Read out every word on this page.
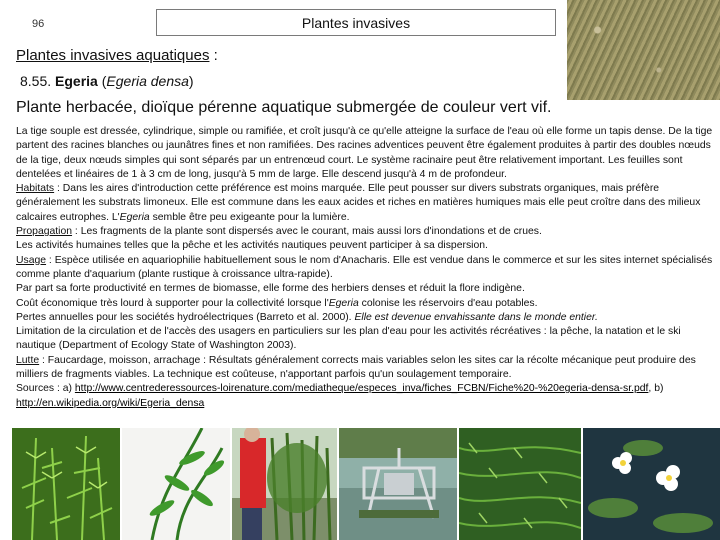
96	Plantes invasives
Plantes invasives aquatiques :
8.55. Egeria (Egeria densa)
Plante herbacée, dioïque pérenne aquatique submergée de couleur vert vif.

La tige souple est dressée, cylindrique, simple ou ramifiée, et croît jusqu'à ce qu'elle atteigne la surface de l'eau où elle forme un tapis dense. De la tige partent des racines blanches ou jaunâtres fines et non ramifiées. Des racines adventices peuvent être également produites à partir des doubles nœuds de la tige, deux nœuds simples qui sont séparés par un entrenœud court. Le système racinaire peut être relativement important. Les feuilles sont dentelées et linéaires de 1 à 3 cm de long, jusqu'à 5 mm de large. Elle descend jusqu'à 4 m de profondeur.

Habitats : Dans les aires d'introduction cette préférence est moins marquée. Elle peut pousser sur divers substrats organiques, mais préfère généralement les substrats limoneux. Elle est commune dans les eaux acides et riches en matières humiques mais elle peut croître dans des milieux calcaires eutrophes. L'Egeria semble être peu exigeante pour la lumière.

Propagation : Les fragments de la plante sont dispersés avec le courant, mais aussi lors d'inondations et de crues.

Les activités humaines telles que la pêche et les activités nautiques peuvent participer à sa dispersion.

Usage : Espèce utilisée en aquariophilie habituellement sous le nom d'Anacharis. Elle est vendue dans le commerce et sur les sites internet spécialisés comme plante d'aquarium (plante rustique à croissance ultra-rapide).

Par part sa forte productivité en termes de biomasse, elle forme des herbiers denses et réduit la flore indigène.

Coût économique très lourd à supporter pour la collectivité lorsque l'Egeria colonise les réservoirs d'eau potables.

Pertes annuelles pour les sociétés hydroélectriques (Barreto et al. 2000). Elle est devenue envahissante dans le monde entier.

Limitation de la circulation et de l'accès des usagers en particuliers sur les plan d'eau pour les activités récréatives : la pêche, la natation et le ski nautique (Department of Ecology State of Washington 2003).

Lutte : Faucardage, moisson, arrachage : Résultats généralement corrects mais variables selon les sites car la récolte mécanique peut produire des milliers de fragments viables. La technique est coûteuse, n'apportant parfois qu'un soulagement temporaire.

Sources : a) http://www.centrederessources-loirenature.com/mediatheque/especes_inva/fiches_FCBN/Fiche%20-%20egeria-densa-sr.pdf, b) http://en.wikipedia.org/wiki/Egeria_densa
